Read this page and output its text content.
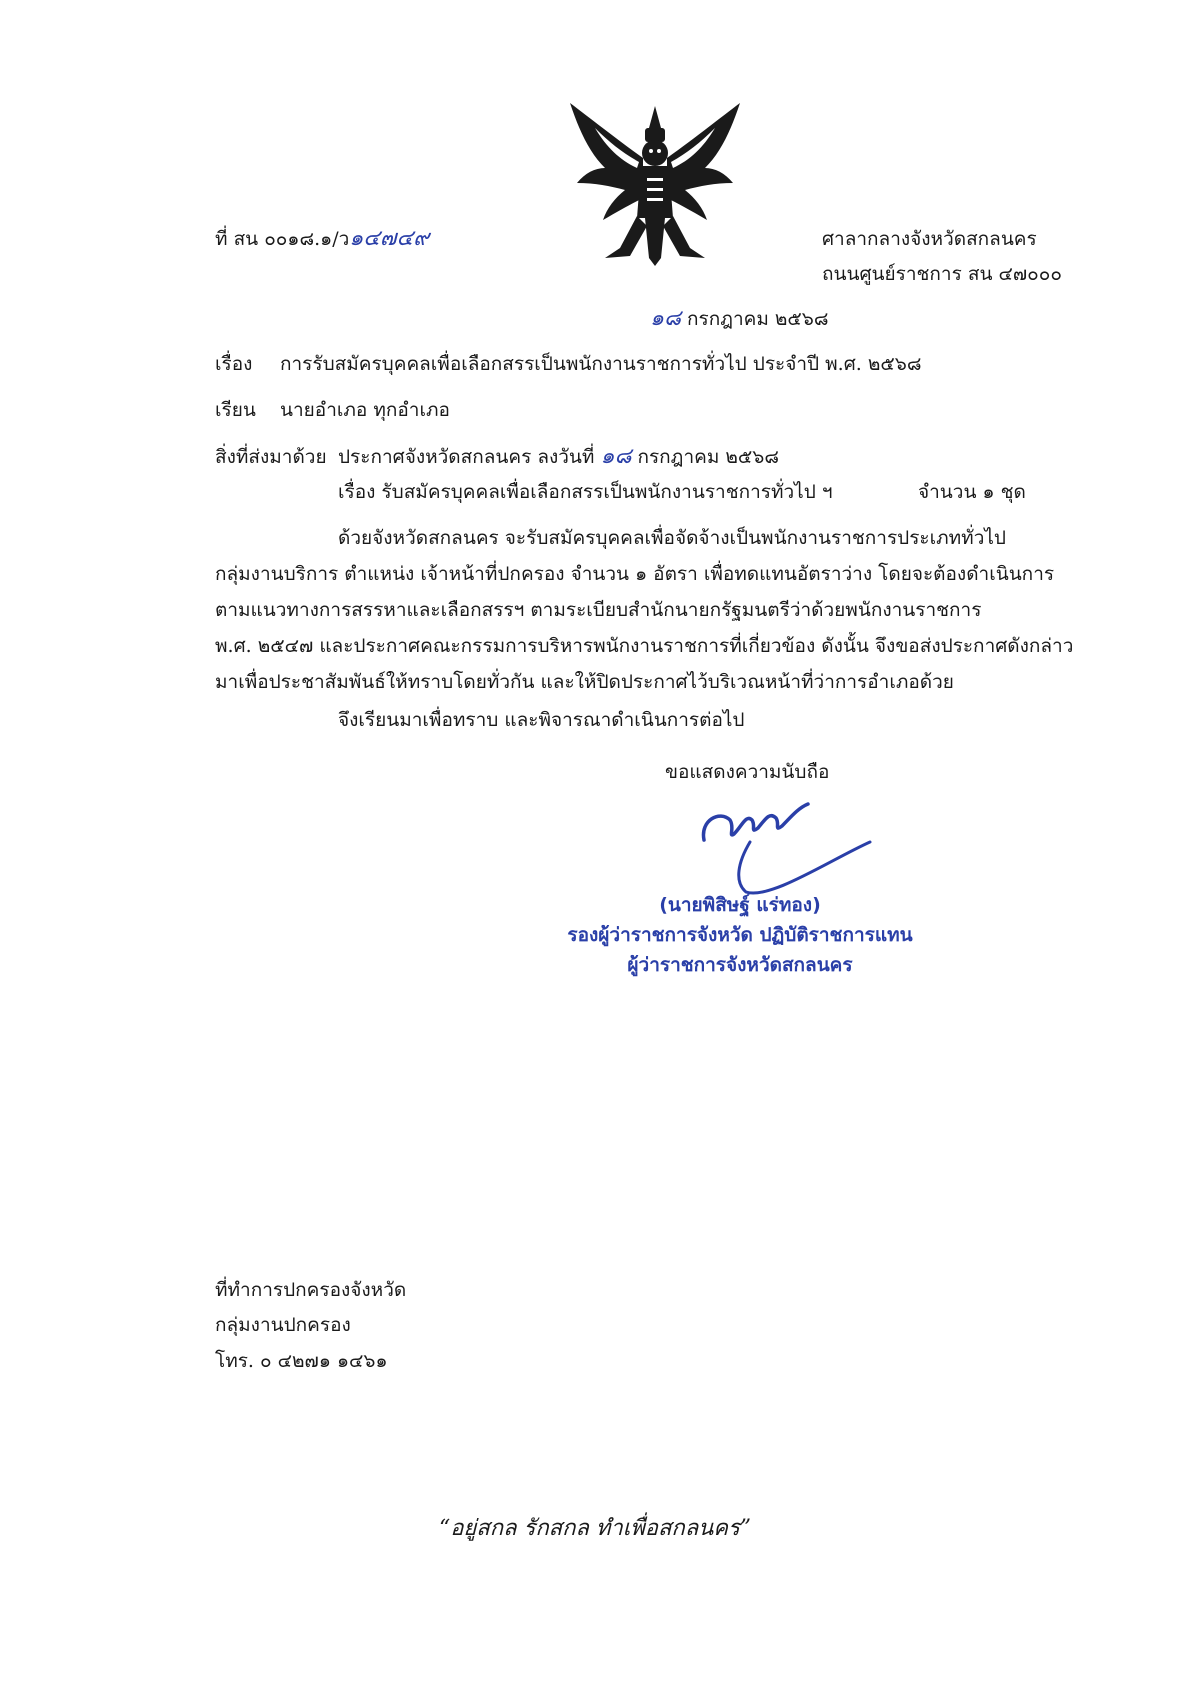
ที่ สน ๐๐๑๘.๑/ว๑๔๗๔๙	ศาลากลางจังหวัดสกลนคร
ถนนศูนย์ราชการ สน ๔๗๐๐๐
๑๘ กรกฎาคม ๒๕๖๘
เรื่อง การรับสมัครบุคคลเพื่อเลือกสรรเป็นพนักงานราชการทั่วไป ประจำปี พ.ศ. ๒๕๖๘
เรียน นายอำเภอ ทุกอำเภอ
สิ่งที่ส่งมาด้วย ประกาศจังหวัดสกลนคร ลงวันที่ ๑๘ กรกฎาคม ๒๕๖๘
เรื่อง รับสมัครบุคคลเพื่อเลือกสรรเป็นพนักงานราชการทั่วไป ฯ	จำนวน ๑ ชุด
ด้วยจังหวัดสกลนคร จะรับสมัครบุคคลเพื่อจัดจ้างเป็นพนักงานราชการประเภททั่วไป
กลุ่มงานบริการ ตำแหน่ง เจ้าหน้าที่ปกครอง จำนวน ๑ อัตรา เพื่อทดแทนอัตราว่าง โดยจะต้องดำเนินการ
ตามแนวทางการสรรหาและเลือกสรรฯ ตามระเบียบสำนักนายกรัฐมนตรีว่าด้วยพนักงานราชการ
พ.ศ. ๒๕๔๗ และประกาศคณะกรรมการบริหารพนักงานราชการที่เกี่ยวข้อง ดังนั้น จึงขอส่งประกาศดังกล่าว
มาเพื่อประชาสัมพันธ์ให้ทราบโดยทั่วกัน และให้ปิดประกาศไว้บริเวณหน้าที่ว่าการอำเภอด้วย
จึงเรียนมาเพื่อทราบ และพิจารณาดำเนินการต่อไป
ขอแสดงความนับถือ
(นายพิสิษฐ์ แร่ทอง)
รองผู้ว่าราชการจังหวัด ปฏิบัติราชการแทน
ผู้ว่าราชการจังหวัดสกลนคร
ที่ทำการปกครองจังหวัด
กลุ่มงานปกครอง
โทร. ๐ ๔๒๗๑ ๑๔๖๑
“อยู่สกล รักสกล ทำเพื่อสกลนคร”
